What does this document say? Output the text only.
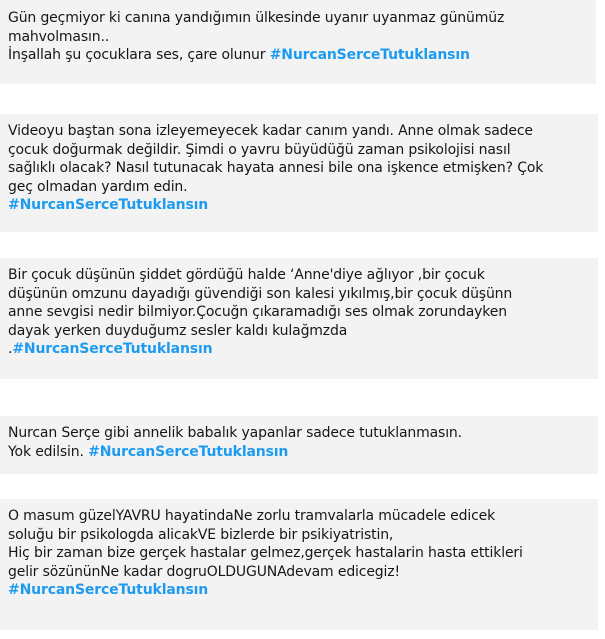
Gün geçmiyor ki canına yandığımın ülkesinde uyanır uyanmaz günümüz
mahvolmasın..
İnşallah şu çocuklara ses, çare olunur #NurcanSerceTutuklansın
Videoyu baştan sona izleyemeyecek kadar canım yandı. Anne olmak sadece
çocuk doğurmak değildir. Şimdi o yavru büyüdüğü zaman psikolojisi nasıl
sağlıklı olacak? Nasıl tutunacak hayata annesi bile ona işkence etmişken? Çok
geç olmadan yardım edin.
#NurcanSerceTutuklansın
Bir çocuk düşünün şiddet gördüğü halde ‘Anne'diye ağlıyor ,bir çocuk
düşünün omzunu dayadığı güvendiği son kalesi yıkılmış,bir çocuk düşünn
anne sevgisi nedir bilmiyor.Çocuğn çıkaramadığı ses olmak zorundayken
dayak yerken duyduğumz sesler kaldı kulağmzda
.#NurcanSerceTutuklansın
Nurcan Serçe gibi annelik babalık yapanlar sadece tutuklanmasın.
Yok edilsin. #NurcanSerceTutuklansın
O masum güzelYAVRU hayatindaNe zorlu tramvalarla mücadele edicek
soluğu bir psikologda alicakVE bizlerde bir psikiyatristin,
Hiç bir zaman bize gerçek hastalar gelmez,gerçek hastalarin hasta ettikleri
gelir sözününNe kadar dogruOLDUGUNAdevam edicegiz!
#NurcanSerceTutuklansın
